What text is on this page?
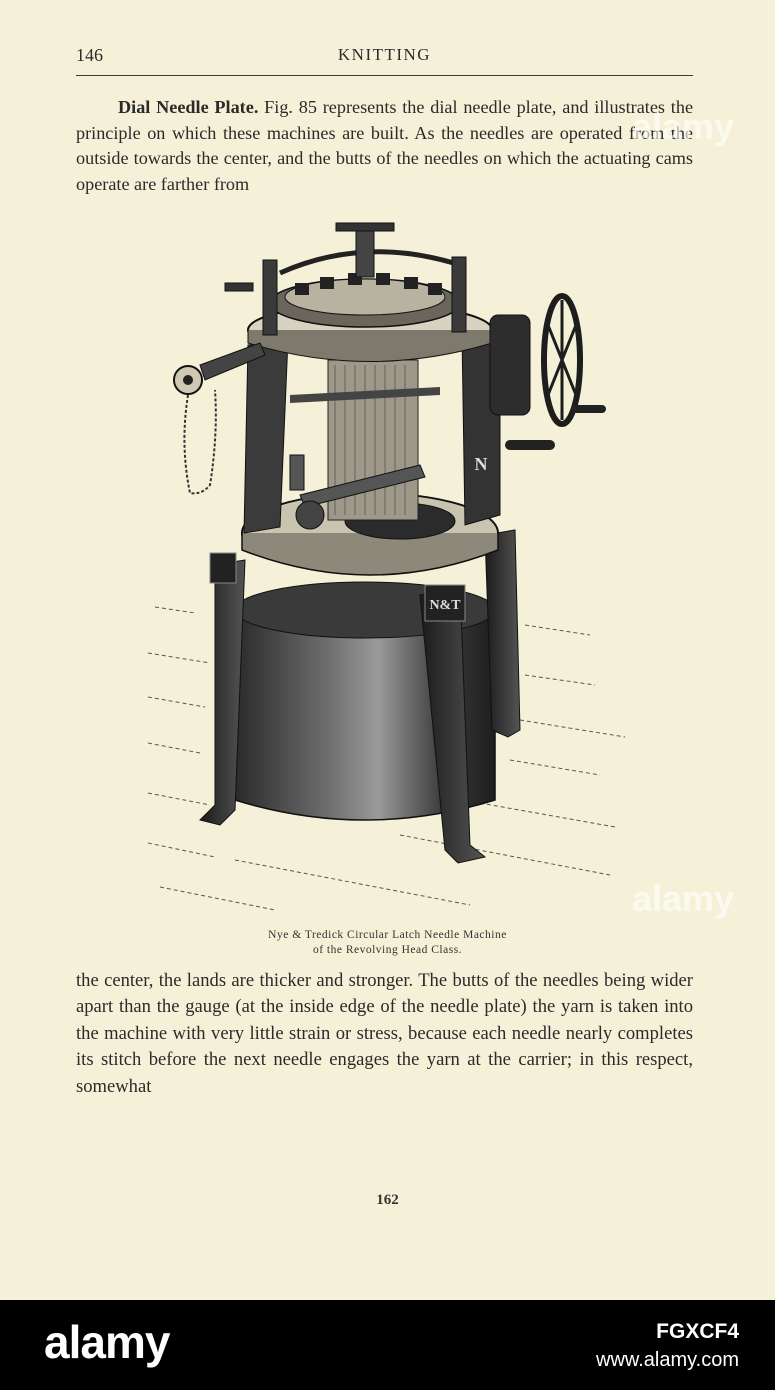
146	KNITTING

Dial Needle Plate. Fig. 85 represents the dial needle plate, and illustrates the principle on which these machines are built. As the needles are operated from the outside towards the center, and the butts of the needles on which the actuating cams operate are farther from

N&T
N
Nye & Tredick Circular Latch Needle Machine
of the Revolving Head Class.

the center, the lands are thicker and stronger. The butts of the needles being wider apart than the gauge (at the inside edge of the needle plate) the yarn is taken into the machine with very little strain or stress, because each needle nearly completes its stitch before the next needle engages the yarn at the carrier; in this respect, somewhat

162
alamy
alamy
alamy	FGXCF4
www.alamy.com
